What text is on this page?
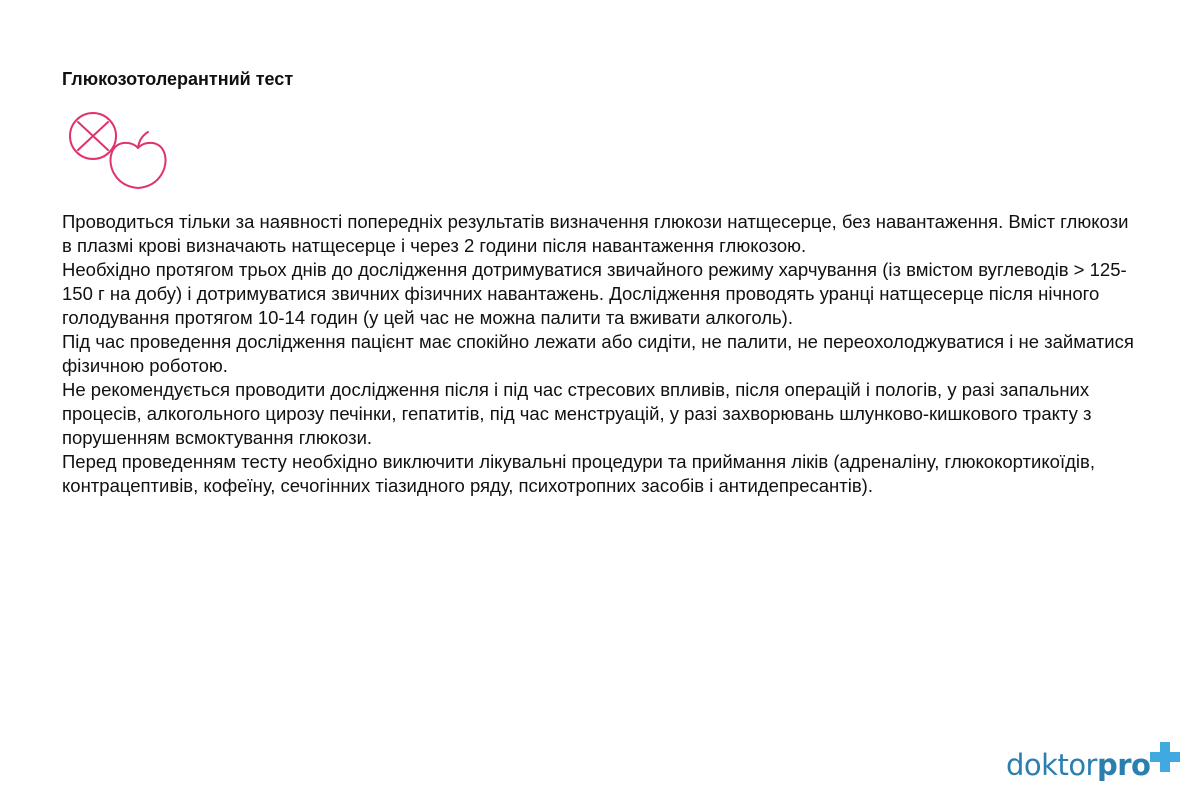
Глюкозотолерантний тест

Проводиться тільки за наявності попередніх результатів визначення глюкози натщесерце, без навантаження. Вміст глюкози в плазмі крові визначають натщесерце і через 2 години після навантаження глюкозою.

Необхідно протягом трьох днів до дослідження дотримуватися звичайного режиму харчування (із вмістом вуглеводів > 125-150 г на добу) і дотримуватися звичних фізичних навантажень. Дослідження проводять уранці натщесерце після нічного голодування протягом 10-14 годин (у цей час не можна палити та вживати алкоголь).

Під час проведення дослідження пацієнт має спокійно лежати або сидіти, не палити, не переохолоджуватися і не займатися фізичною роботою.

Не рекомендується проводити дослідження після і під час стресових впливів, після операцій і пологів, у разі запальних процесів, алкогольного цирозу печінки, гепатитів, під час менструацій, у разі захворювань шлунково-кишкового тракту з порушенням всмоктування глюкози.

Перед проведенням тесту необхідно виключити лікувальні процедури та приймання ліків (адреналіну, глюкокортикоїдів, контрацептивів, кофеїну, сечогінних тіазидного ряду, психотропних засобів і антидепресантів).

doktorpro
